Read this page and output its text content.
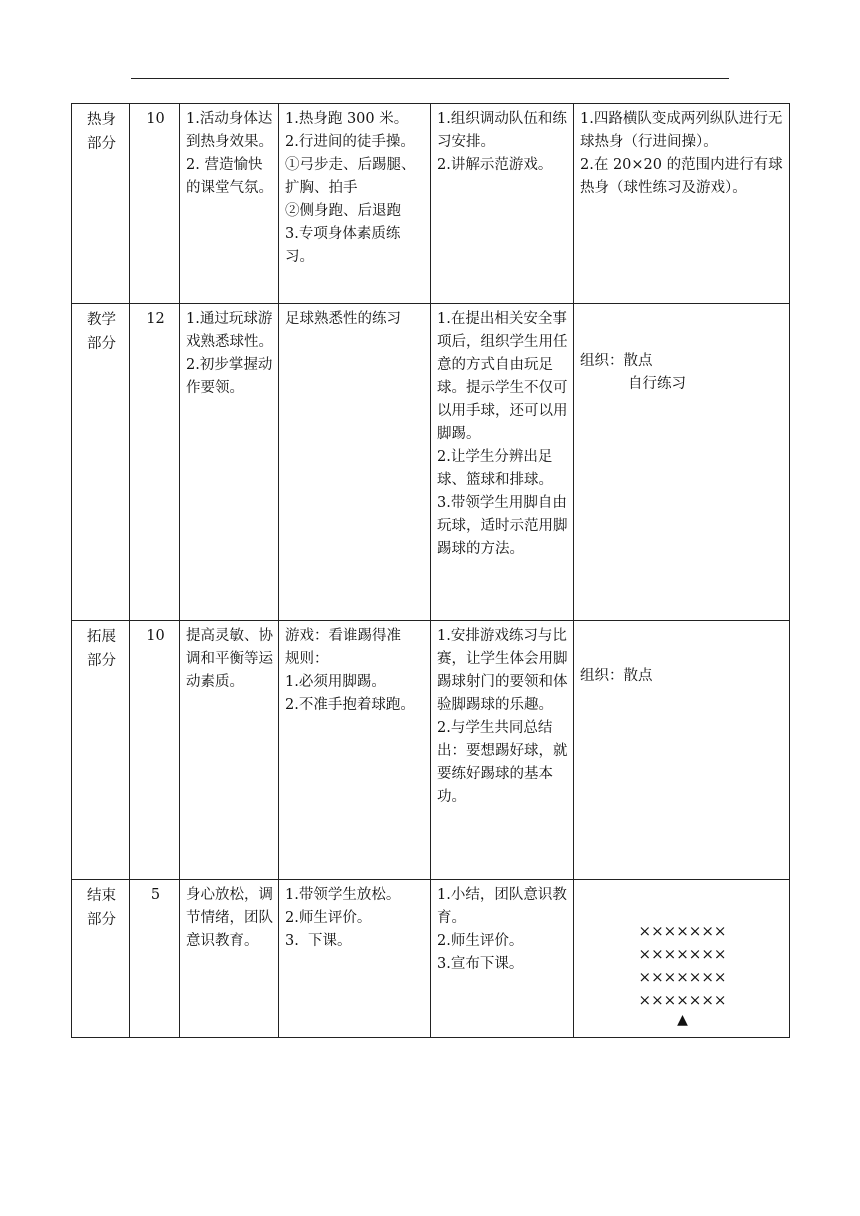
热身
部分	10	1.活动身体达到热身效果。
2. 营造愉快的课堂气氛。	1.热身跑 300 米。
2.行进间的徒手操。
①弓步走、后踢腿、扩胸、拍手
②侧身跑、后退跑
3.专项身体素质练习。	1.组织调动队伍和练习安排。
2.讲解示范游戏。	1.四路横队变成两列纵队进行无球热身（行进间操）。
2.在 20×20 的范围内进行有球热身（球性练习及游戏）。

教学
部分	12	1.通过玩球游戏熟悉球性。
2.初步掌握动作要领。	足球熟悉性的练习	1.在提出相关安全事项后，组织学生用任意的方式自由玩足球。提示学生不仅可以用手球，还可以用脚踢。
2.让学生分辨出足球、篮球和排球。
3.带领学生用脚自由玩球，适时示范用脚踢球的方法。	组织：散点
自行练习

拓展
部分	10	提高灵敏、协调和平衡等运动素质。	游戏：看谁踢得准
规则：
1.必须用脚踢。
2.不准手抱着球跑。	1.安排游戏练习与比赛，让学生体会用脚踢球射门的要领和体验脚踢球的乐趣。
2.与学生共同总结出：要想踢好球，就要练好踢球的基本功。	组织：散点

结束
部分	5	身心放松，调节情绪，团队意识教育。	1.带领学生放松。
2.师生评价。
3.  下课。	1.小结，团队意识教育。
2.师生评价。
3.宣布下课。	×××××××
×××××××
×××××××
×××××××
▲
